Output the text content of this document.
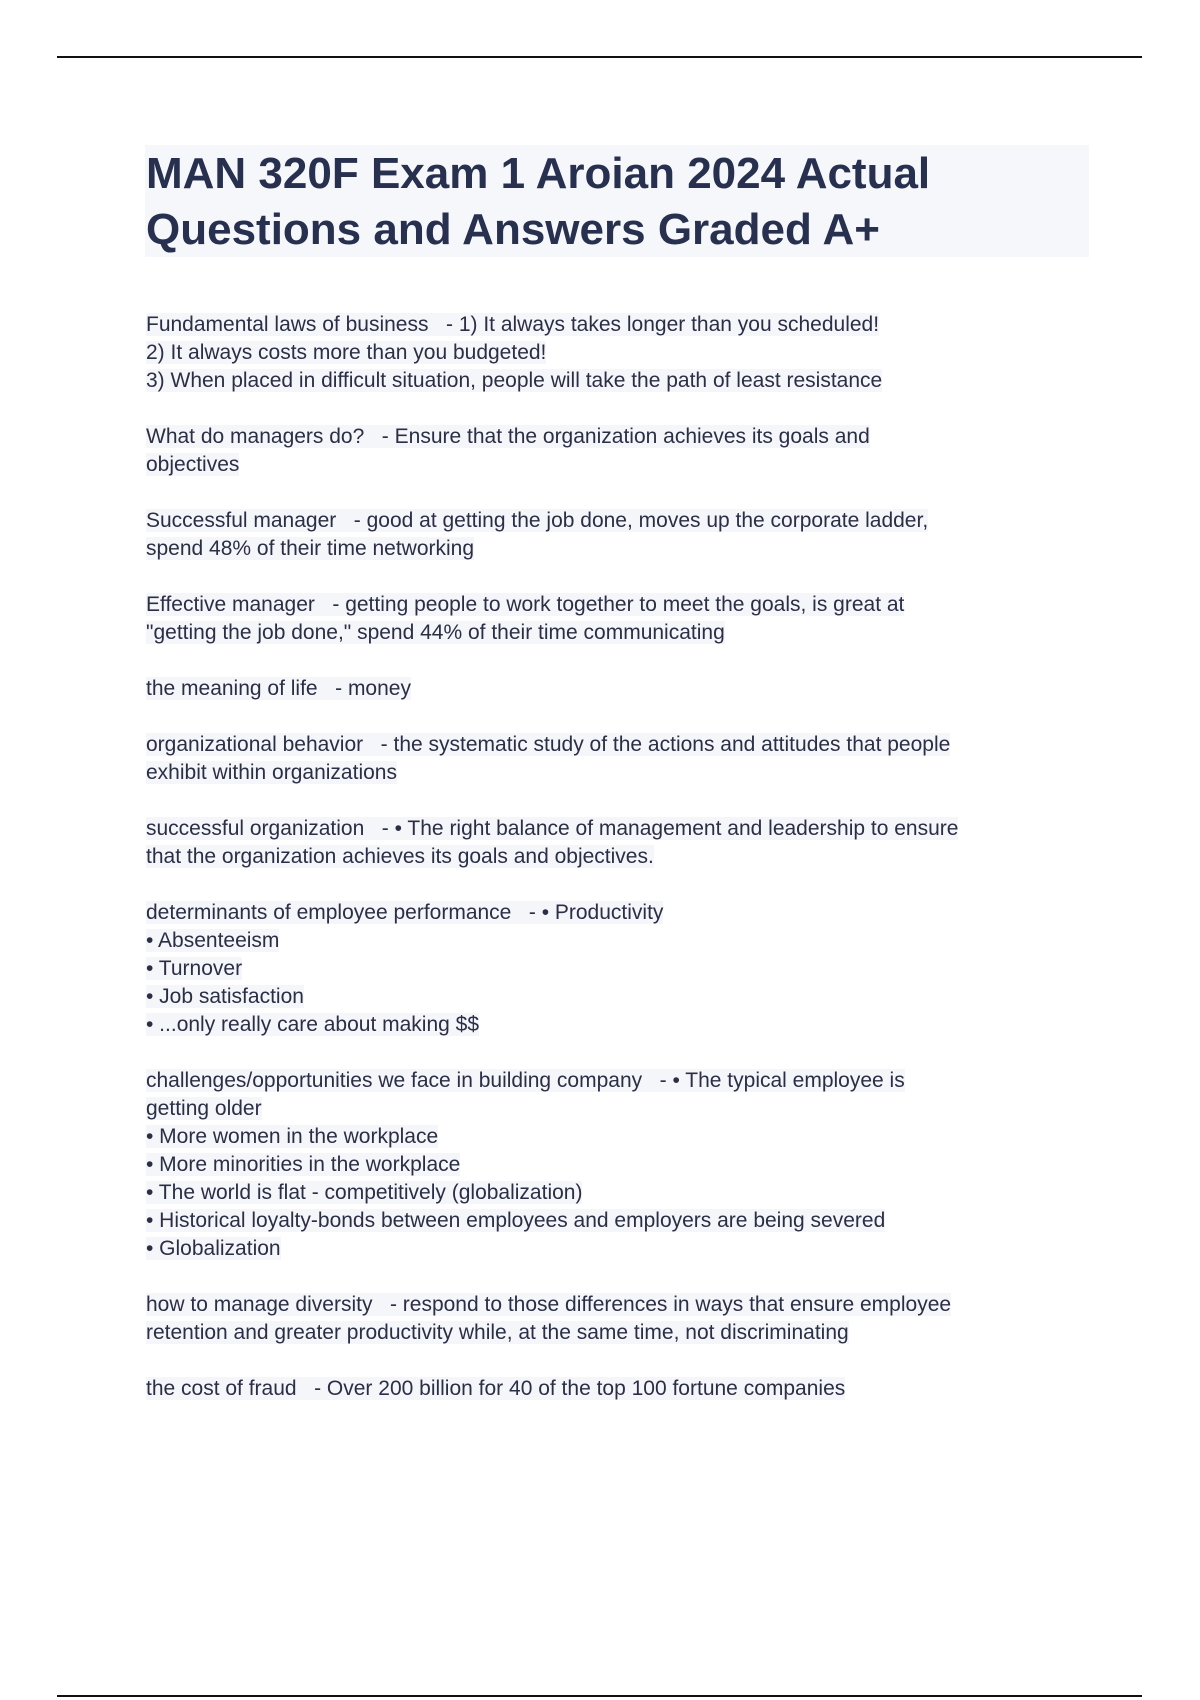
MAN 320F Exam 1 Aroian 2024 Actual
Questions and Answers Graded A+
Fundamental laws of business   - 1) It always takes longer than you scheduled!
2) It always costs more than you budgeted!
3) When placed in difficult situation, people will take the path of least resistance
What do managers do?   - Ensure that the organization achieves its goals and
objectives
Successful manager   - good at getting the job done, moves up the corporate ladder,
spend 48% of their time networking
Effective manager   - getting people to work together to meet the goals, is great at
"getting the job done," spend 44% of their time communicating
the meaning of life   - money
organizational behavior   - the systematic study of the actions and attitudes that people
exhibit within organizations
successful organization   - • The right balance of management and leadership to ensure
that the organization achieves its goals and objectives.
determinants of employee performance   - • Productivity
• Absenteeism
• Turnover
• Job satisfaction
• ...only really care about making $$
challenges/opportunities we face in building company   - • The typical employee is
getting older
• More women in the workplace
• More minorities in the workplace
• The world is flat - competitively (globalization)
• Historical loyalty-bonds between employees and employers are being severed
• Globalization
how to manage diversity   - respond to those differences in ways that ensure employee
retention and greater productivity while, at the same time, not discriminating
the cost of fraud   - Over 200 billion for 40 of the top 100 fortune companies
